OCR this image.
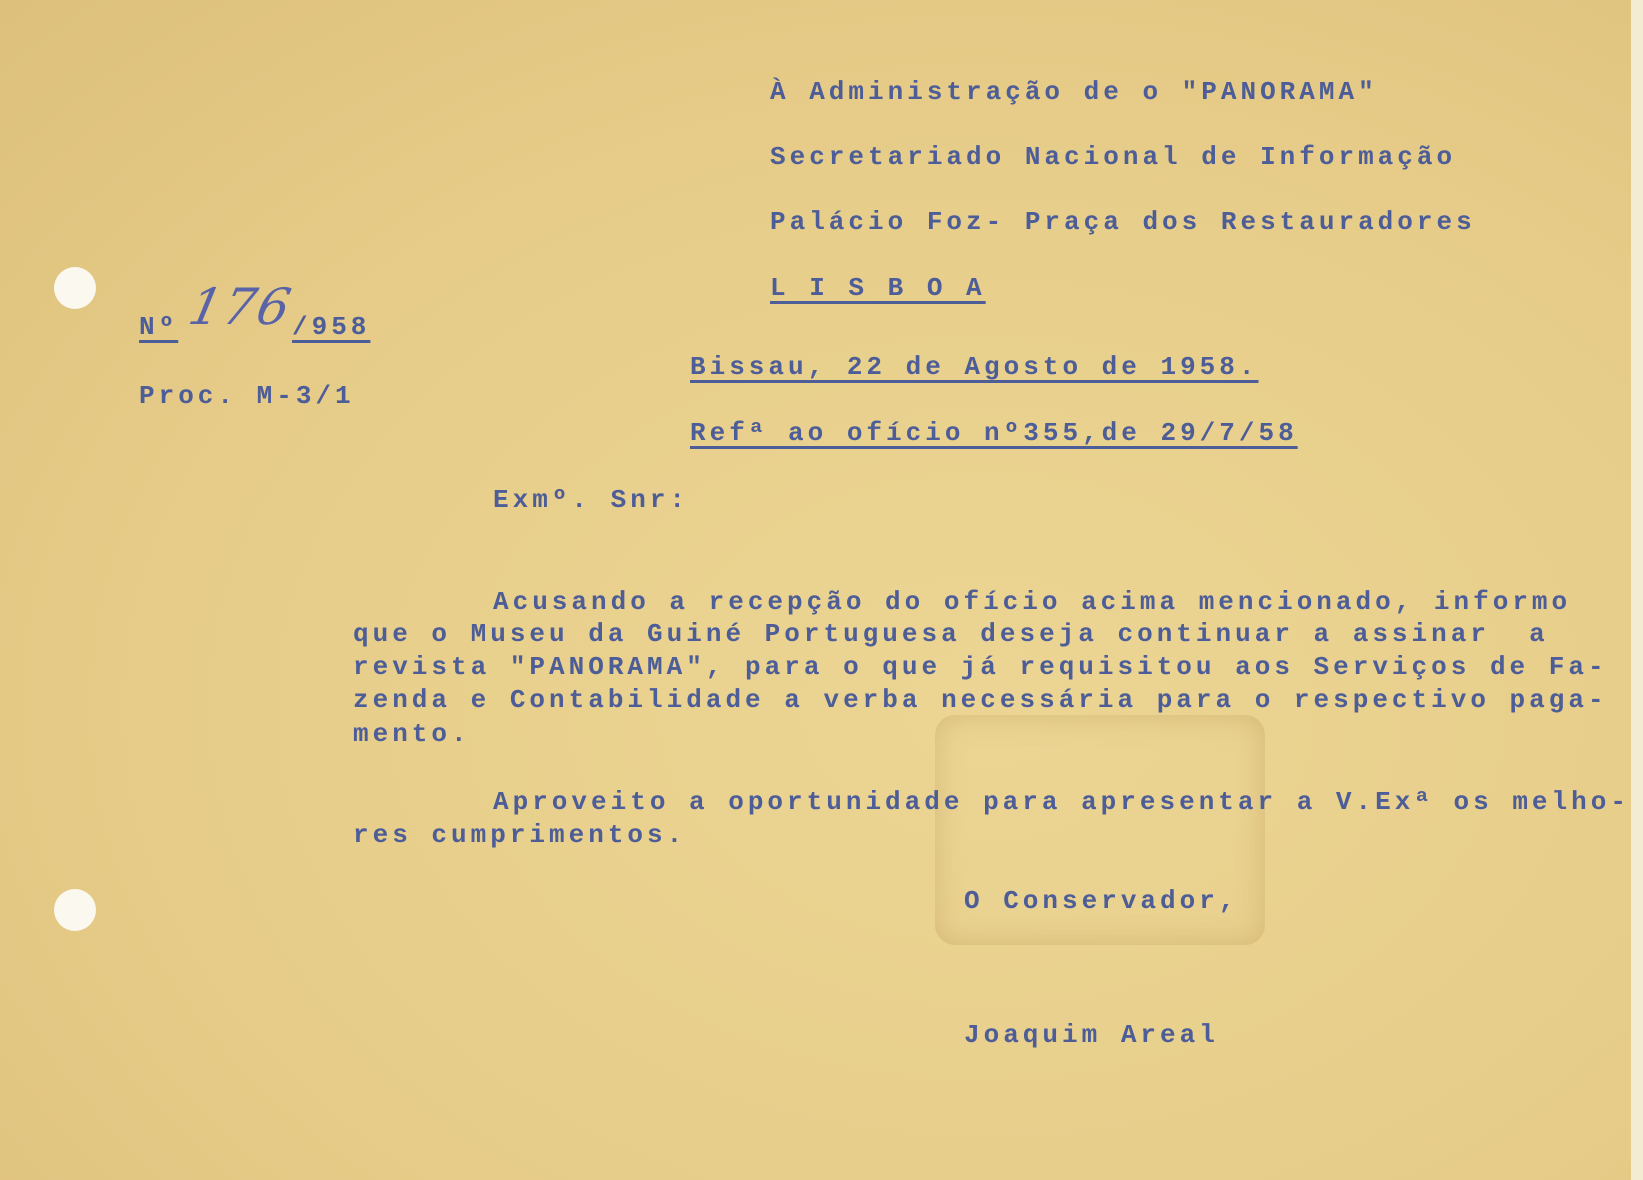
À Administração de o "PANORAMA"
Secretariado Nacional de Informação
Palácio Foz- Praça dos Restauradores
L I S B O A
Nº 176
/958
Proc. M-3/1
Bissau, 22 de Agosto de 1958.
Refª ao ofício nº355,de 29/7/58
Exmº. Snr:
Acusando a recepção do ofício acima mencionado, informo
que o Museu da Guiné Portuguesa deseja continuar a assinar  a
revista "PANORAMA", para o que já requisitou aos Serviços de Fa-
zenda e Contabilidade a verba necessária para o respectivo paga-
mento.
Aproveito a oportunidade para apresentar a V.Exª os melho-
res cumprimentos.
O Conservador,
Joaquim Areal
